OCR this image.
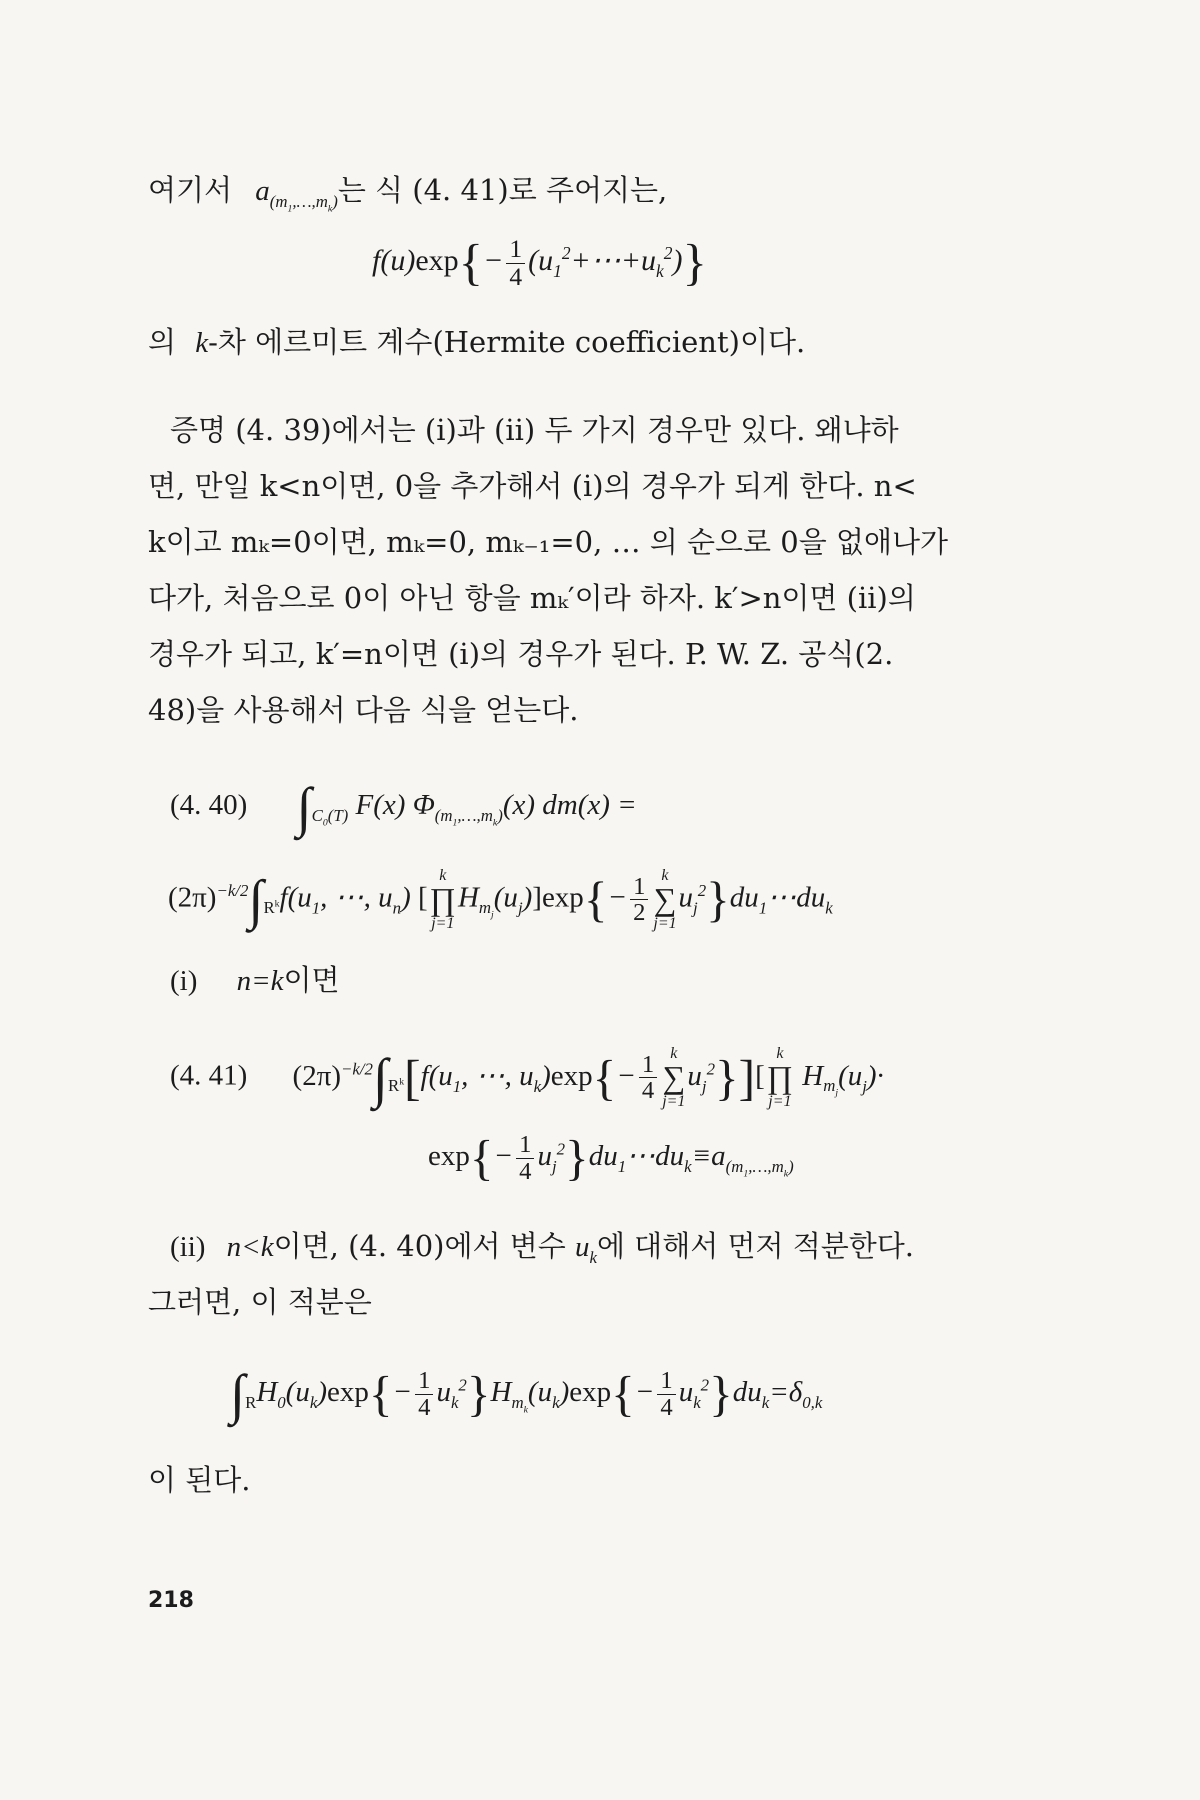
여기서 $a_{(m_1,\dots,m_k)}$는 식 (4. 41)로 주어지는,
$f(u)\exp\{- \frac{1}{4}$ $(u_1^2+\cdots+u_k^2)$}
의 k-차 에르미트 계수(Hermite coefficient)이다.
증명 (4. 39)에서는 (i)과 (ii) 두 가지 경우만 있다. 왜냐하
면, 만일 k<n이면, 0을 추가해서 (i)의 경우가 되게 한다. n<
k이고 mₖ=0이면, mₖ=0, mₖ₋₁=0, … 의 순으로 0을 없애나가
다가, 처음으로 0이 아닌 항을 mₖ′이라 하자. k′>n이면 (ii)의
경우가 되고, k′=n이면 (i)의 경우가 된다. P. W. Z. 공식(2.
48)을 사용해서 다음 식을 얻는다.
(4. 40) $\int_{C_0(T)}$ F(x) $\Phi_{(m_1,\dots,m_k)}(x) dm(x)$ =
$(2\pi)^{-k/2}\int_{R^k}f(u_1$, ⋯, $u_n$) [
k
∏
j=1
$H_{m_j}(u_j)]\exp\{- \frac{1}{2}$ k
∑
j=1
$u_j^2\}du_1\cdots du_k$
(i) n=k이면
(4. 41) $(2\pi)^{-k/2}\int_{R^k}[f(u_1$, ⋯, $u_k)\exp\{- \frac{1}{4}$ k
∑
j=1
$u_j^2$}][
k
∏
j=1
$H_{m_j}(u_j)\cdot$
$\exp\{- \frac{1}{4}$ $u_j^2\}du_1\cdots du_k\equiv a_{(m_1,\dots,m_k)}$
(ii) n<k이면, (4. 40)에서 변수 $u_k$에 대해서 먼저 적분한다.
그러면, 이 적분은
$\int_RH_0(u_k)\exp\{- \frac{1}{4} u_k^2\}H_{m_k}(u_k)\exp\{- \frac{1}{4} u_k^2\}du_k=\delta_{0,k}$
이 된다.
218
